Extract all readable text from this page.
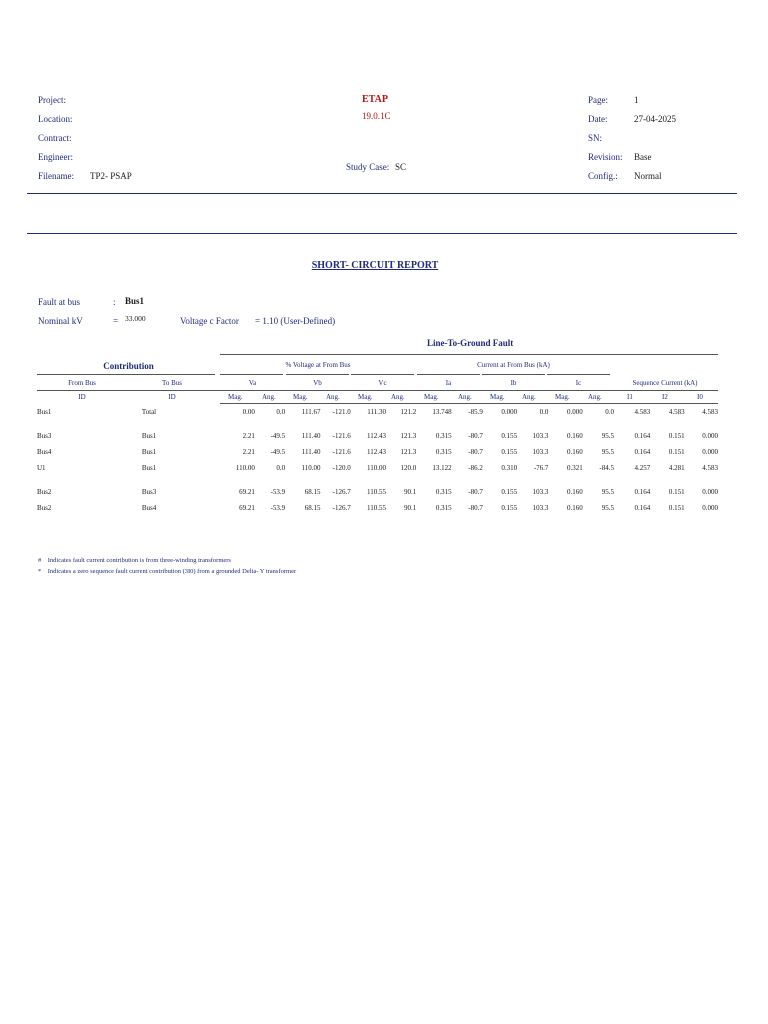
Project:
Location:
Contract:
Engineer:
Filename: TP2- PSAP
ETAP
19.0.1C
Study Case: SC
Page:	1
Date:	27-04-2025
SN:
Revision: Base
Config.: Normal
SHORT- CIRCUIT REPORT
Fault at bus	: Bus1
Nominal kV	= 33.000	Voltage c Factor = 1.10 (User-Defined)
Line-To-Ground Fault
Contribution	% Voltage at From Bus	Current at From Bus (kA)
From Bus	To Bus	Va	Vb	Vc	Ia	Ib	Ic	Sequence Current (kA)
ID	ID	Mag.	Ang. Mag.	Ang.	Mag.	Ang.	Mag.	Ang.	Mag. Ang.	Mag.	Ang.	I1	I2	I0
Bus1	Total	0.00	0.0	111.67	-121.0	111.30	121.2	13.748	-85.9	0.000	0.0	0.000	0.0	4.583	4.583	4.583

Bus3	Bus1	2.21	-49.5	111.40	-121.6	112.43	121.3	0.315	-80.7	0.155	103.3	0.160	95.5	0.164	0.151	0.000
Bus4	Bus1	2.21	-49.5	111.40	-121.6	112.43	121.3	0.315	-80.7	0.155	103.3	0.160	95.5	0.164	0.151	0.000
U1	Bus1	110.00	0.0	110.00	-120.0	110.00	120.0	13.122	-86.2	0.310	-76.7	0.321	-84.5	4.257	4.281	4.583

Bus2	Bus3	69.21	-53.9	68.15	-126.7	110.55	90.1	0.315	-80.7	0.155	103.3	0.160	95.5	0.164	0.151	0.000
Bus2	Bus4	69.21	-53.9	68.15	-126.7	110.55	90.1	0.315	-80.7	0.155	103.3	0.160	95.5	0.164	0.151	0.000
# Indicates fault current contribution is from three-winding transformers
* Indicates a zero sequence fault current contribution (3I0) from a grounded Delta- Y transformer
